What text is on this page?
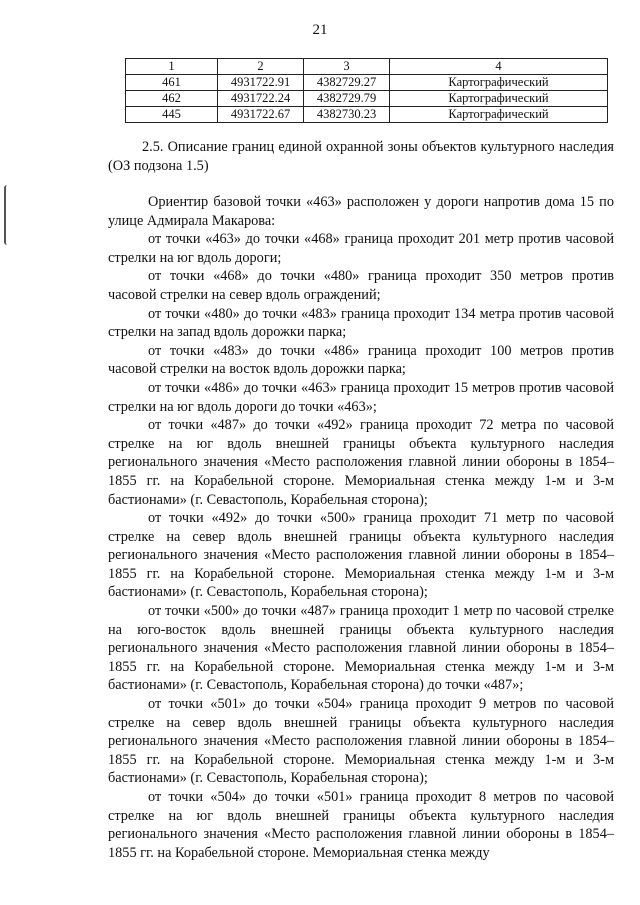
21
1	2	3	4
461	4931722.91	4382729.27	Картографический
462	4931722.24	4382729.79	Картографический
445	4931722.67	4382730.23	Картографический
2.5. Описание границ единой охранной зоны объектов культурного наследия (ОЗ подзона 1.5)

Ориентир базовой точки «463» расположен у дороги напротив дома 15 по улице Адмирала Макарова:

от точки «463» до точки «468» граница проходит 201 метр против часовой стрелки на юг вдоль дороги;

от точки «468» до точки «480» граница проходит 350 метров против часовой стрелки на север вдоль ограждений;

от точки «480» до точки «483» граница проходит 134 метра против часовой стрелки на запад вдоль дорожки парка;

от точки «483» до точки «486» граница проходит 100 метров против часовой стрелки на восток вдоль дорожки парка;

от точки «486» до точки «463» граница проходит 15 метров против часовой стрелки на юг вдоль дороги до точки «463»;

от точки «487» до точки «492» граница проходит 72 метра по часовой стрелке на юг вдоль внешней границы объекта культурного наследия регионального значения «Место расположения главной линии обороны в 1854–1855 гг. на Корабельной стороне. Мемориальная стенка между 1-м и 3-м бастионами» (г. Севастополь, Корабельная сторона);

от точки «492» до точки «500» граница проходит 71 метр по часовой стрелке на север вдоль внешней границы объекта культурного наследия регионального значения «Место расположения главной линии обороны в 1854–1855 гг. на Корабельной стороне. Мемориальная стенка между 1-м и 3-м бастионами» (г. Севастополь, Корабельная сторона);

от точки «500» до точки «487» граница проходит 1 метр по часовой стрелке на юго-восток вдоль внешней границы объекта культурного наследия регионального значения «Место расположения главной линии обороны в 1854–1855 гг. на Корабельной стороне. Мемориальная стенка между 1-м и 3-м бастионами» (г. Севастополь, Корабельная сторона) до точки «487»;

от точки «501» до точки «504» граница проходит 9 метров по часовой стрелке на север вдоль внешней границы объекта культурного наследия регионального значения «Место расположения главной линии обороны в 1854–1855 гг. на Корабельной стороне. Мемориальная стенка между 1-м и 3-м бастионами» (г. Севастополь, Корабельная сторона);

от точки «504» до точки «501» граница проходит 8 метров по часовой стрелке на юг вдоль внешней границы объекта культурного наследия регионального значения «Место расположения главной линии обороны в 1854–1855 гг. на Корабельной стороне. Мемориальная стенка между
